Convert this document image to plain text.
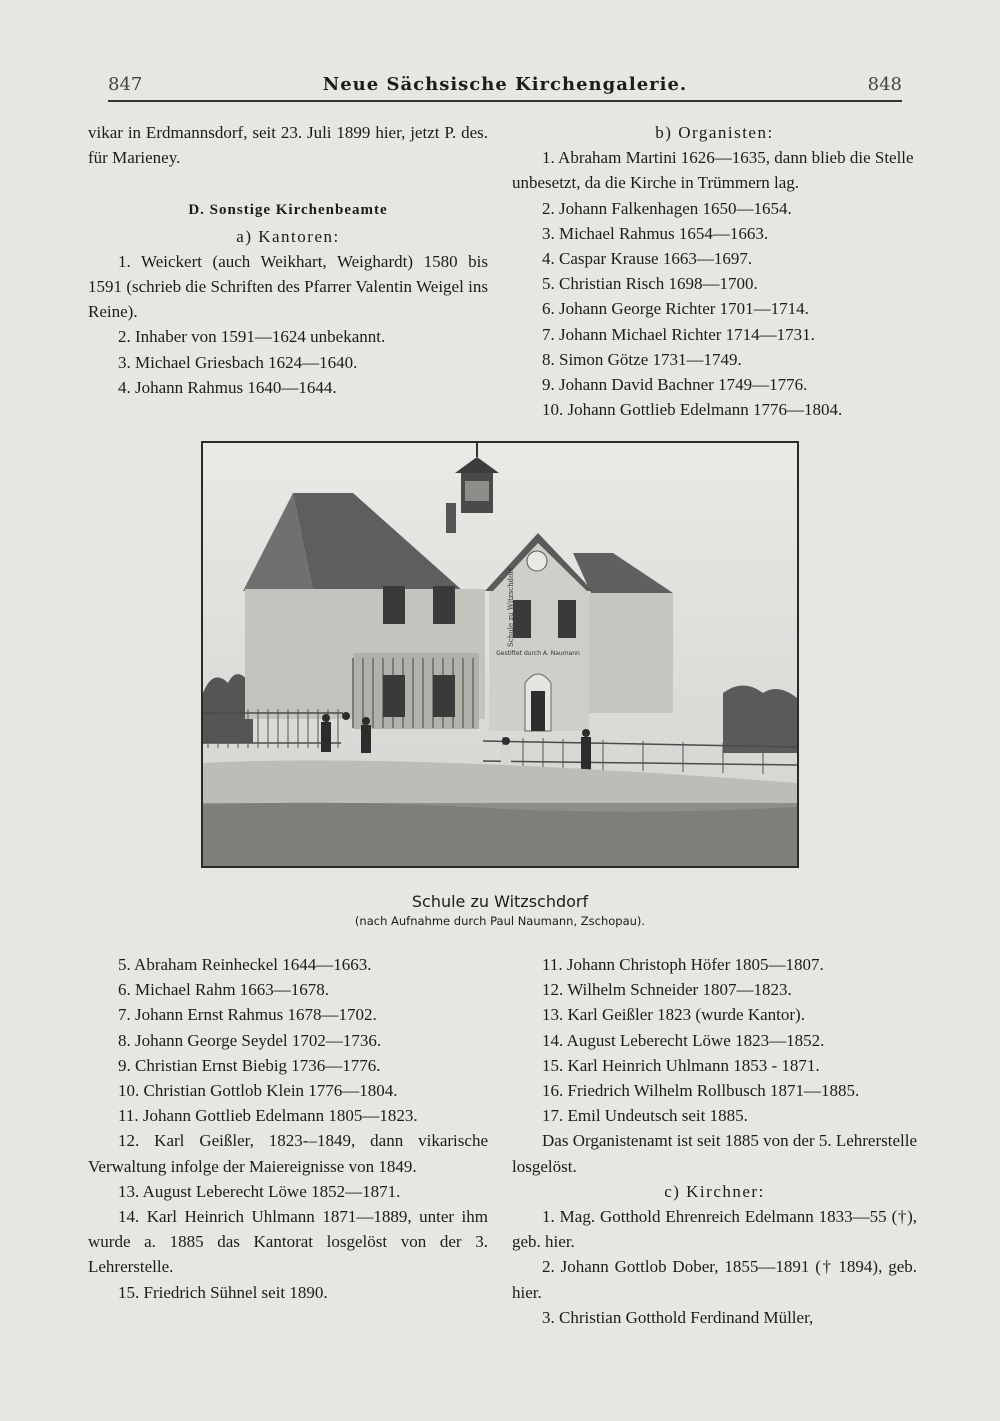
847	Neue Sächsische Kirchengalerie.	848

vikar in Erdmannsdorf, seit 23. Juli 1899 hier, jetzt P. des. für Marieney.

D. Sonstige Kirchenbeamte

a) Kantoren:

1. Weickert (auch Weikhart, Weighardt) 1580 bis 1591 (schrieb die Schriften des Pfarrer Valentin Weigel ins Reine).

2. Inhaber von 1591—1624 unbekannt.

3. Michael Griesbach 1624—1640.

4. Johann Rahmus 1640—1644.

b) Organisten:

1. Abraham Martini 1626—1635, dann blieb die Stelle unbesetzt, da die Kirche in Trümmern lag.

2. Johann Falkenhagen 1650—1654.

3. Michael Rahmus 1654—1663.

4. Caspar Krause 1663—1697.

5. Christian Risch 1698—1700.

6. Johann George Richter 1701—1714.

7. Johann Michael Richter 1714—1731.

8. Simon Götze 1731—1749.

9. Johann David Bachner 1749—1776.

10. Johann Gottlieb Edelmann 1776—1804.

Schule zu Witzschdorf
Gestiftet durch A. Naumann
Schule zu Witzschdorf
(nach Aufnahme durch Paul Naumann, Zschopau).

5. Abraham Reinheckel 1644—1663.

6. Michael Rahm 1663—1678.

7. Johann Ernst Rahmus 1678—1702.

8. Johann George Seydel 1702—1736.

9. Christian Ernst Biebig 1736—1776.

10. Christian Gottlob Klein 1776—1804.

11. Johann Gottlieb Edelmann 1805—1823.

12. Karl Geißler, 1823-–1849, dann vikarische Verwaltung infolge der Maiereignisse von 1849.

13. August Leberecht Löwe 1852—1871.

14. Karl Heinrich Uhlmann 1871—1889, unter ihm wurde a. 1885 das Kantorat losgelöst von der 3. Lehrerstelle.

15. Friedrich Sühnel seit 1890.

11. Johann Christoph Höfer 1805—1807.

12. Wilhelm Schneider 1807—1823.

13. Karl Geißler 1823 (wurde Kantor).

14. August Leberecht Löwe 1823—1852.

15. Karl Heinrich Uhlmann 1853 - 1871.

16. Friedrich Wilhelm Rollbusch 1871—1885.

17. Emil Undeutsch seit 1885.

Das Organistenamt ist seit 1885 von der 5. Lehrerstelle losgelöst.

c) Kirchner:

1. Mag. Gotthold Ehrenreich Edelmann 1833—55 (†), geb. hier.

2. Johann Gottlob Dober, 1855—1891 († 1894), geb. hier.

3. Christian Gotthold Ferdinand Müller,
